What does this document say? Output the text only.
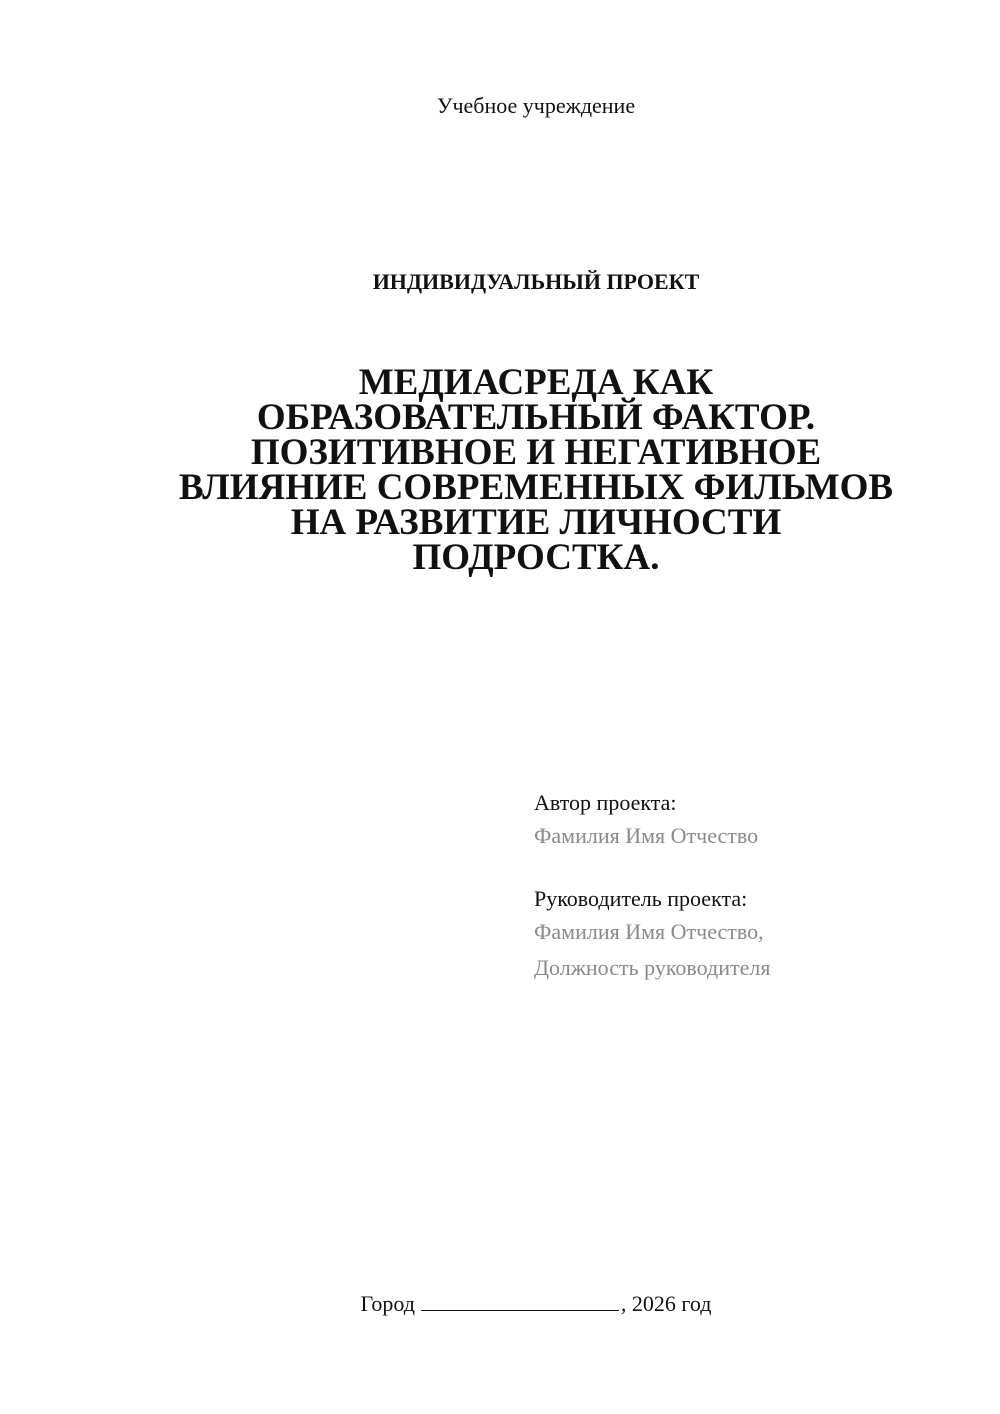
Учебное учреждение
ИНДИВИДУАЛЬНЫЙ ПРОЕКТ
МЕДИАСРЕДА КАК
ОБРАЗОВАТЕЛЬНЫЙ ФАКТОР.
ПОЗИТИВНОЕ И НЕГАТИВНОЕ
ВЛИЯНИЕ СОВРЕМЕННЫХ ФИЛЬМОВ
НА РАЗВИТИЕ ЛИЧНОСТИ
ПОДРОСТКА.
Автор проекта:
Фамилия Имя Отчество
Руководитель проекта:
Фамилия Имя Отчество,
Должность руководителя
Город	, 2026 год
